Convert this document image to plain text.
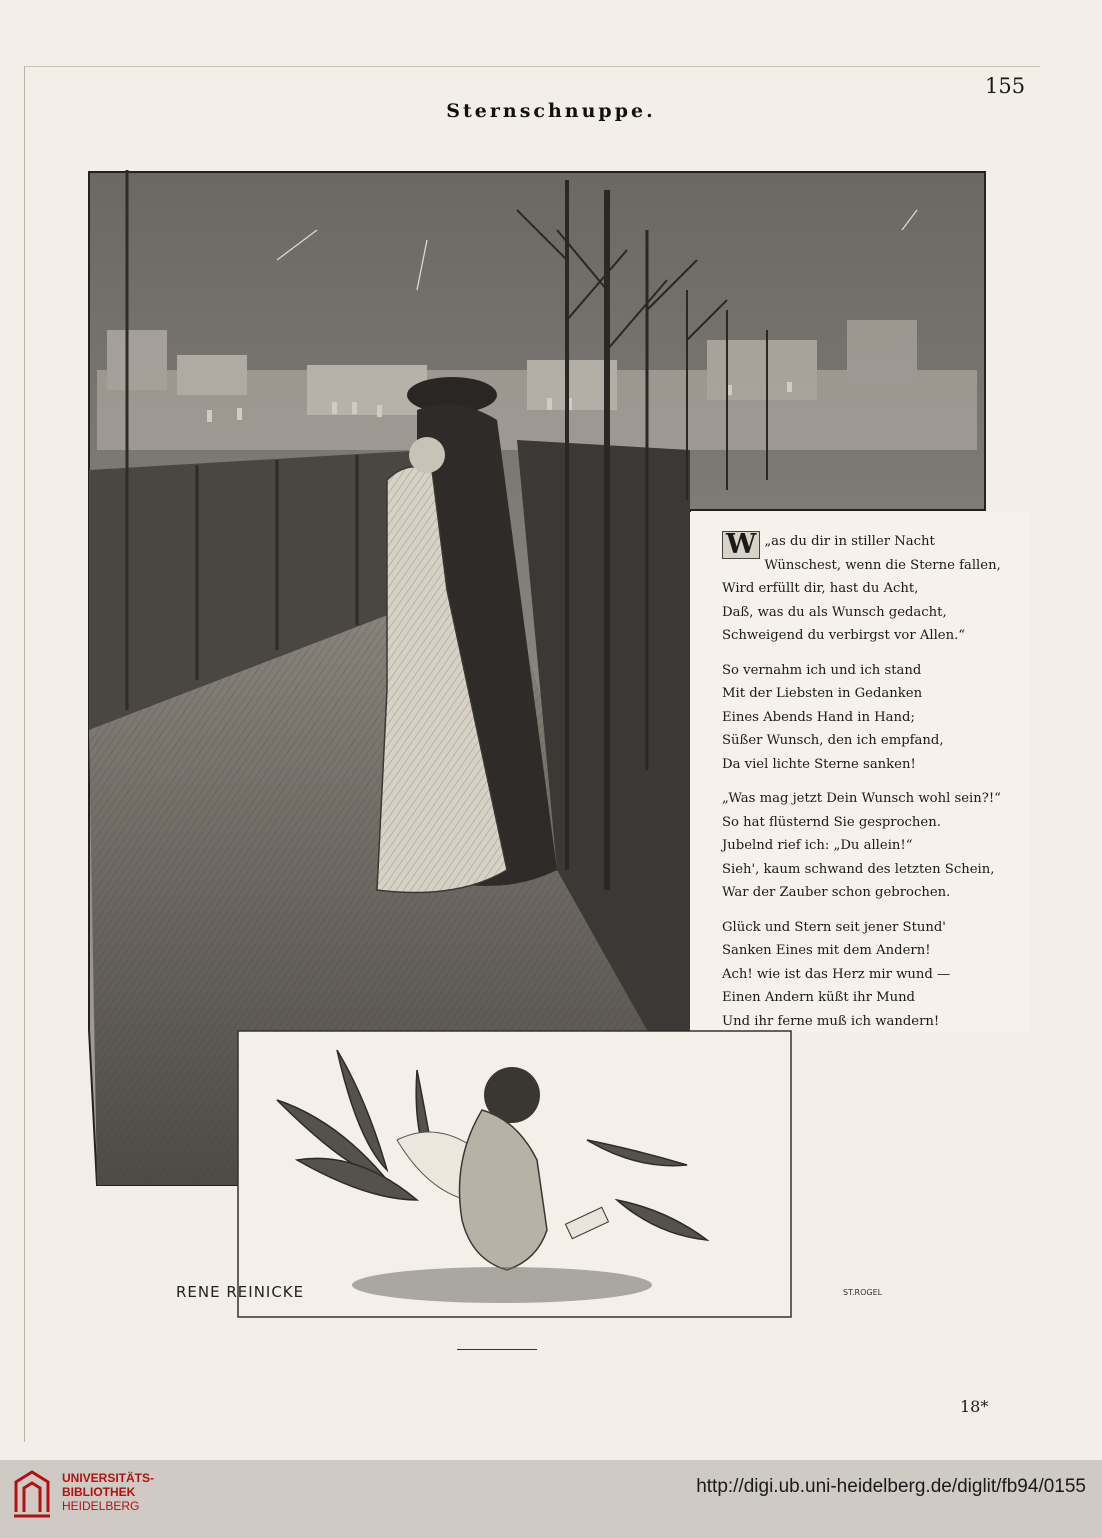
155
Sternschnuppe.
W „as du dir in stiller Nacht
Wünschest, wenn die Sterne fallen,
Wird erfüllt dir, hast du Acht,
Daß, was du als Wunsch gedacht,
Schweigend du verbirgst vor Allen.“
So vernahm ich und ich stand
Mit der Liebsten in Gedanken
Eines Abends Hand in Hand;
Süßer Wunsch, den ich empfand,
Da viel lichte Sterne sanken!
„Was mag jetzt Dein Wunsch wohl sein?!“
So hat flüsternd Sie gesprochen.
Jubelnd rief ich: „Du allein!“
Sieh', kaum schwand des letzten Schein,
War der Zauber schon gebrochen.
Glück und Stern seit jener Stund'
Sanken Eines mit dem Andern!
Ach! wie ist das Herz mir wund —
Einen Andern küßt ihr Mund
Und ihr ferne muß ich wandern!
RENE REINICKE	ST.ROGEL
18*
UNIVERSITÄTS-
BIBLIOTHEK
HEIDELBERG
http://digi.ub.uni-heidelberg.de/diglit/fb94/0155
